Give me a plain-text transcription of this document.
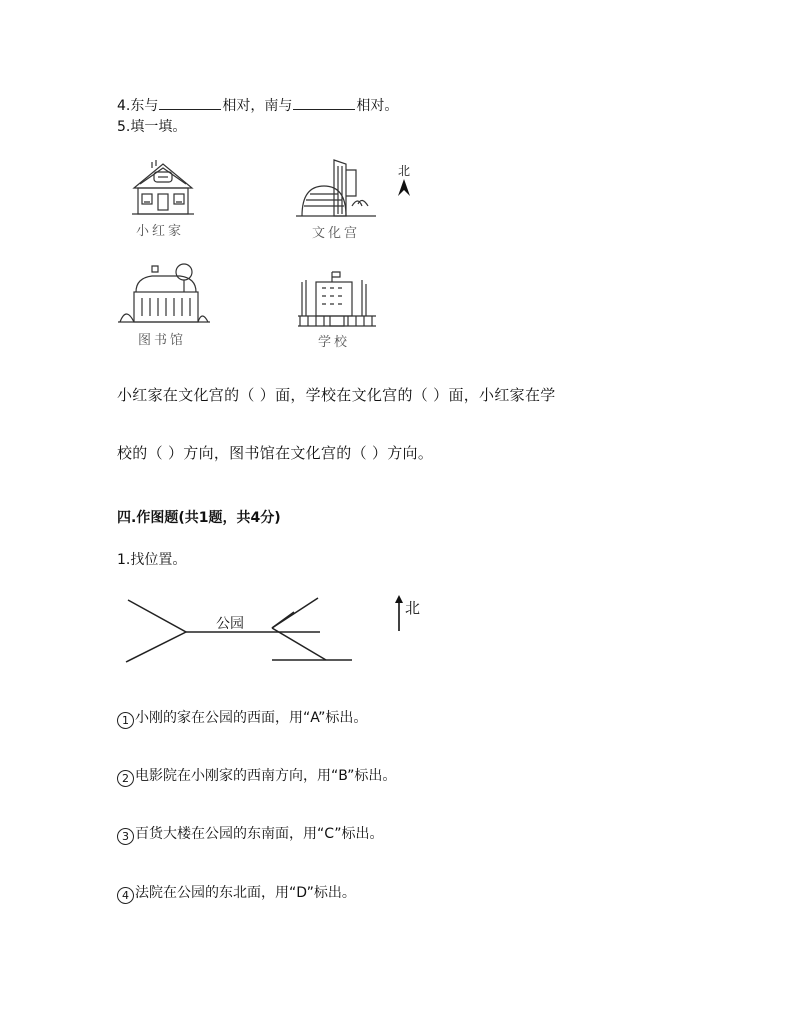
4.东与	相对，南与	相对。
5.填一填。
小红家	文化宫
北
图书馆	学校
小红家在文化宫的（ ）面，学校在文化宫的（ ）面，小红家在学
校的（ ）方向，图书馆在文化宫的（ ）方向。
四.作图题(共1题，共4分)
1.找位置。
公园
北
1 小刚的家在公园的西面，用“A”标出。
2 电影院在小刚家的西南方向，用“B”标出。
3 百货大楼在公园的东南面，用“C”标出。
4 法院在公园的东北面，用“D”标出。
